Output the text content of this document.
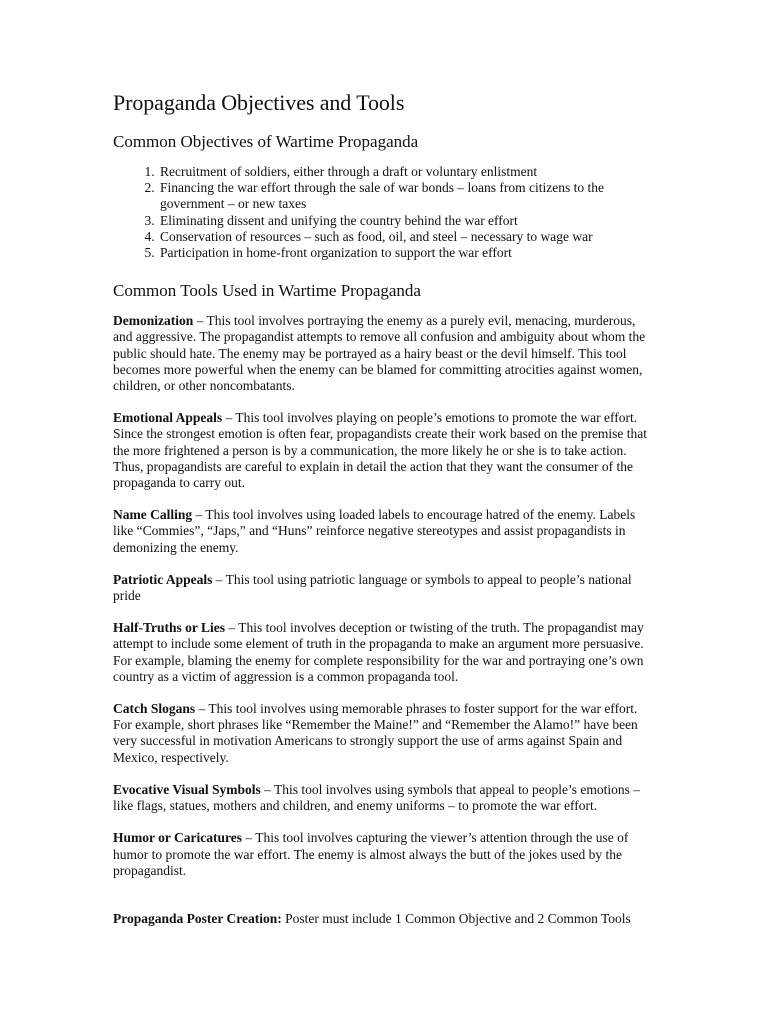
Propaganda Objectives and Tools
Common Objectives of Wartime Propaganda
1. Recruitment of soldiers, either through a draft or voluntary enlistment
2. Financing the war effort through the sale of war bonds – loans from citizens to the government – or new taxes
3. Eliminating dissent and unifying the country behind the war effort
4. Conservation of resources – such as food, oil, and steel – necessary to wage war
5. Participation in home-front organization to support the war effort
Common Tools Used in Wartime Propaganda

Demonization – This tool involves portraying the enemy as a purely evil, menacing, murderous, and aggressive. The propagandist attempts to remove all confusion and ambiguity about whom the public should hate. The enemy may be portrayed as a hairy beast or the devil himself. This tool becomes more powerful when the enemy can be blamed for committing atrocities against women, children, or other noncombatants.

Emotional Appeals – This tool involves playing on people’s emotions to promote the war effort. Since the strongest emotion is often fear, propagandists create their work based on the premise that the more frightened a person is by a communication, the more likely he or she is to take action. Thus, propagandists are careful to explain in detail the action that they want the consumer of the propaganda to carry out.

Name Calling – This tool involves using loaded labels to encourage hatred of the enemy. Labels like “Commies”, “Japs,” and “Huns” reinforce negative stereotypes and assist propagandists in demonizing the enemy.

Patriotic Appeals – This tool using patriotic language or symbols to appeal to people’s national pride

Half-Truths or Lies – This tool involves deception or twisting of the truth. The propagandist may attempt to include some element of truth in the propaganda to make an argument more persuasive. For example, blaming the enemy for complete responsibility for the war and portraying one’s own country as a victim of aggression is a common propaganda tool.

Catch Slogans – This tool involves using memorable phrases to foster support for the war effort. For example, short phrases like “Remember the Maine!” and “Remember the Alamo!” have been very successful in motivation Americans to strongly support the use of arms against Spain and Mexico, respectively.

Evocative Visual Symbols – This tool involves using symbols that appeal to people’s emotions – like flags, statues, mothers and children, and enemy uniforms – to promote the war effort.

Humor or Caricatures – This tool involves capturing the viewer’s attention through the use of humor to promote the war effort. The enemy is almost always the butt of the jokes used by the propagandist.

Propaganda Poster Creation: Poster must include 1 Common Objective and 2 Common Tools
